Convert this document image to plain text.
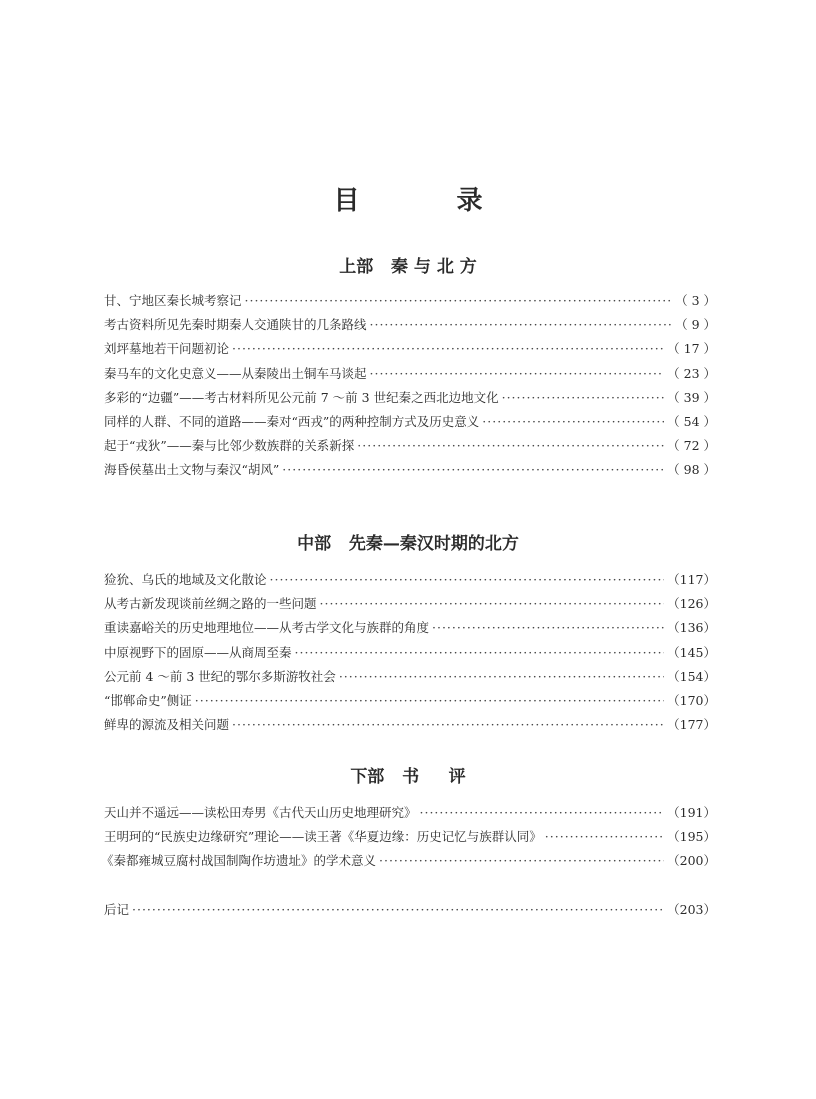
目 录
上部   秦 与 北 方
甘、宁地区秦长城考察记 ·····	（ 3 ）
考古资料所见先秦时期秦人交通陕甘的几条路线 ·····	（ 9 ）
刘坪墓地若干问题初论 ·····	（ 17 ）
秦马车的文化史意义——从秦陵出土铜车马谈起 ·····	（ 23 ）
多彩的“边疆”——考古材料所见公元前 7 ～前 3 世纪秦之西北边地文化 ·····	（ 39 ）
同样的人群、不同的道路——秦对“西戎”的两种控制方式及历史意义 ·····	（ 54 ）
起于“戎狄”——秦与比邻少数族群的关系新探 ·····	（ 72 ）
海昏侯墓出土文物与秦汉“胡风” ·····	（ 98 ）
中部   先秦—秦汉时期的北方
猃狁、乌氏的地域及文化散论 ·····	（117）
从考古新发现谈前丝绸之路的一些问题 ·····	（126）
重读嘉峪关的历史地理地位——从考古学文化与族群的角度 ·····	（136）
中原视野下的固原——从商周至秦 ·····	（145）
公元前 4 ～前 3 世纪的鄂尔多斯游牧社会 ·····	（154）
“邯郸命史”侧证 ·····	（170）
鲜卑的源流及相关问题 ·····	（177）
下部   书     评
天山并不遥远——读松田寿男《古代天山历史地理研究》 ·····	（191）
王明珂的“民族史边缘研究”理论——读王著《华夏边缘：历史记忆与族群认同》 ·····	（195）
《秦都雍城豆腐村战国制陶作坊遗址》的学术意义 ·····	（200）
后记 ·····	（203）
